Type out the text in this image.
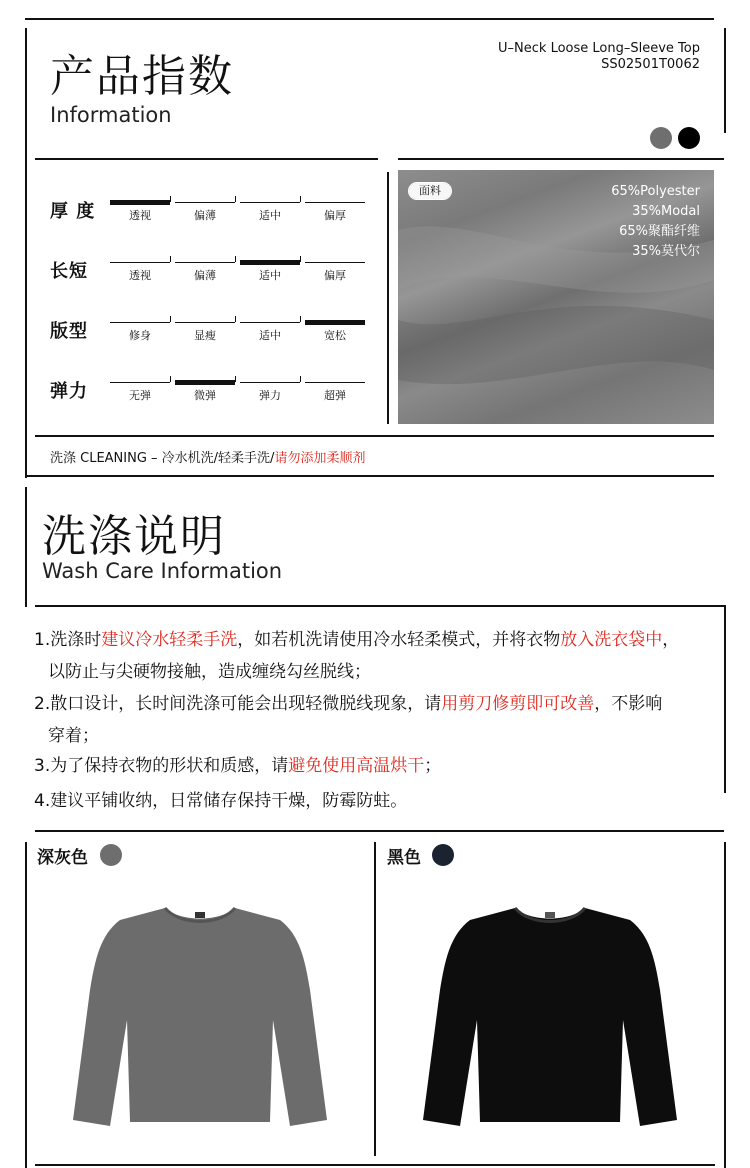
产品指数
Information
U–Neck Loose Long–Sleeve Top
SS02501T0062
厚 度	透视	偏薄	适中	偏厚
长短	透视	偏薄	适中	偏厚
版型	修身	显瘦	适中	宽松
弹力	无弹	微弹	弹力	超弹
面料	65%Polyester
35%Modal
65%聚酯纤维
35%莫代尔
洗涤 CLEANING – 冷水机洗/轻柔手洗/请勿添加柔顺剂
洗涤说明
Wash Care Information
1.洗涤时建议冷水轻柔手洗，如若机洗请使用冷水轻柔模式，并将衣物放入洗衣袋中，
以防止与尖硬物接触，造成缠绕勾丝脱线；
2.散口设计，长时间洗涤可能会出现轻微脱线现象，请用剪刀修剪即可改善，不影响
穿着；
3.为了保持衣物的形状和质感，请避免使用高温烘干；
4.建议平铺收纳，日常储存保持干燥，防霉防蛀。
深灰色	黑色
